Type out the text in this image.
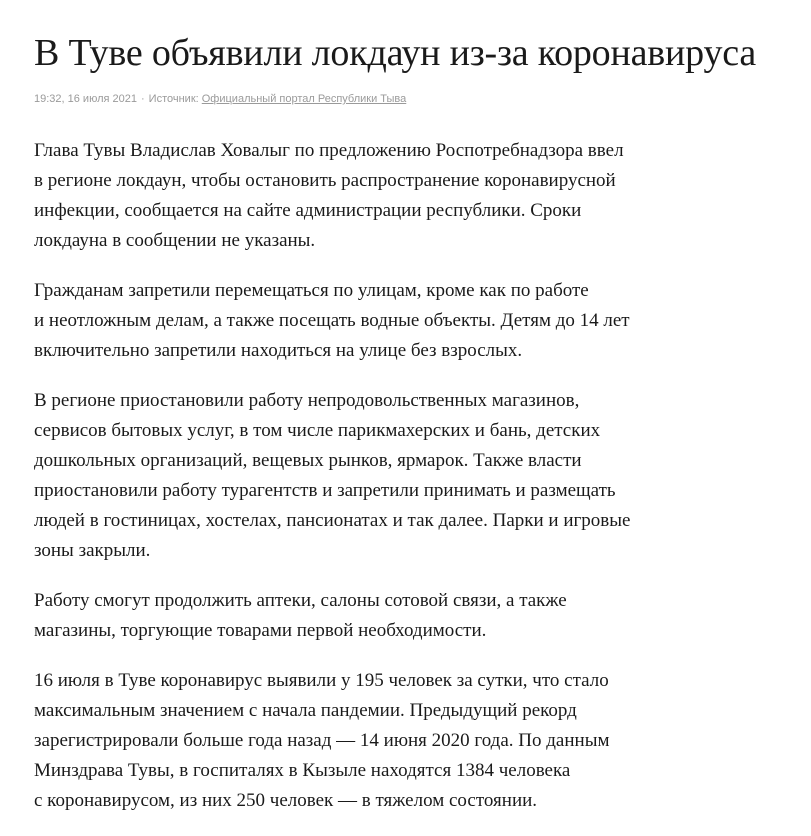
В Туве объявили локдаун из-за коронавируса
19:32, 16 июля 2021 · Источник: Официальный портал Республики Тыва

Глава Тувы Владислав Ховалыг по предложению Роспотребнадзора ввел
в регионе локдаун, чтобы остановить распространение коронавирусной
инфекции, сообщается на сайте администрации республики. Сроки
локдауна в сообщении не указаны.

Гражданам запретили перемещаться по улицам, кроме как по работе
и неотложным делам, а также посещать водные объекты. Детям до 14 лет
включительно запретили находиться на улице без взрослых.

В регионе приостановили работу непродовольственных магазинов,
сервисов бытовых услуг, в том числе парикмахерских и бань, детских
дошкольных организаций, вещевых рынков, ярмарок. Также власти
приостановили работу турагентств и запретили принимать и размещать
людей в гостиницах, хостелах, пансионатах и так далее. Парки и игровые
зоны закрыли.

Работу смогут продолжить аптеки, салоны сотовой связи, а также
магазины, торгующие товарами первой необходимости.

16 июля в Туве коронавирус выявили у 195 человек за сутки, что стало
максимальным значением с начала пандемии. Предыдущий рекорд
зарегистрировали больше года назад — 14 июня 2020 года. По данным
Минздрава Тувы, в госпиталях в Кызыле находятся 1384 человека
с коронавирусом, из них 250 человек — в тяжелом состоянии.
